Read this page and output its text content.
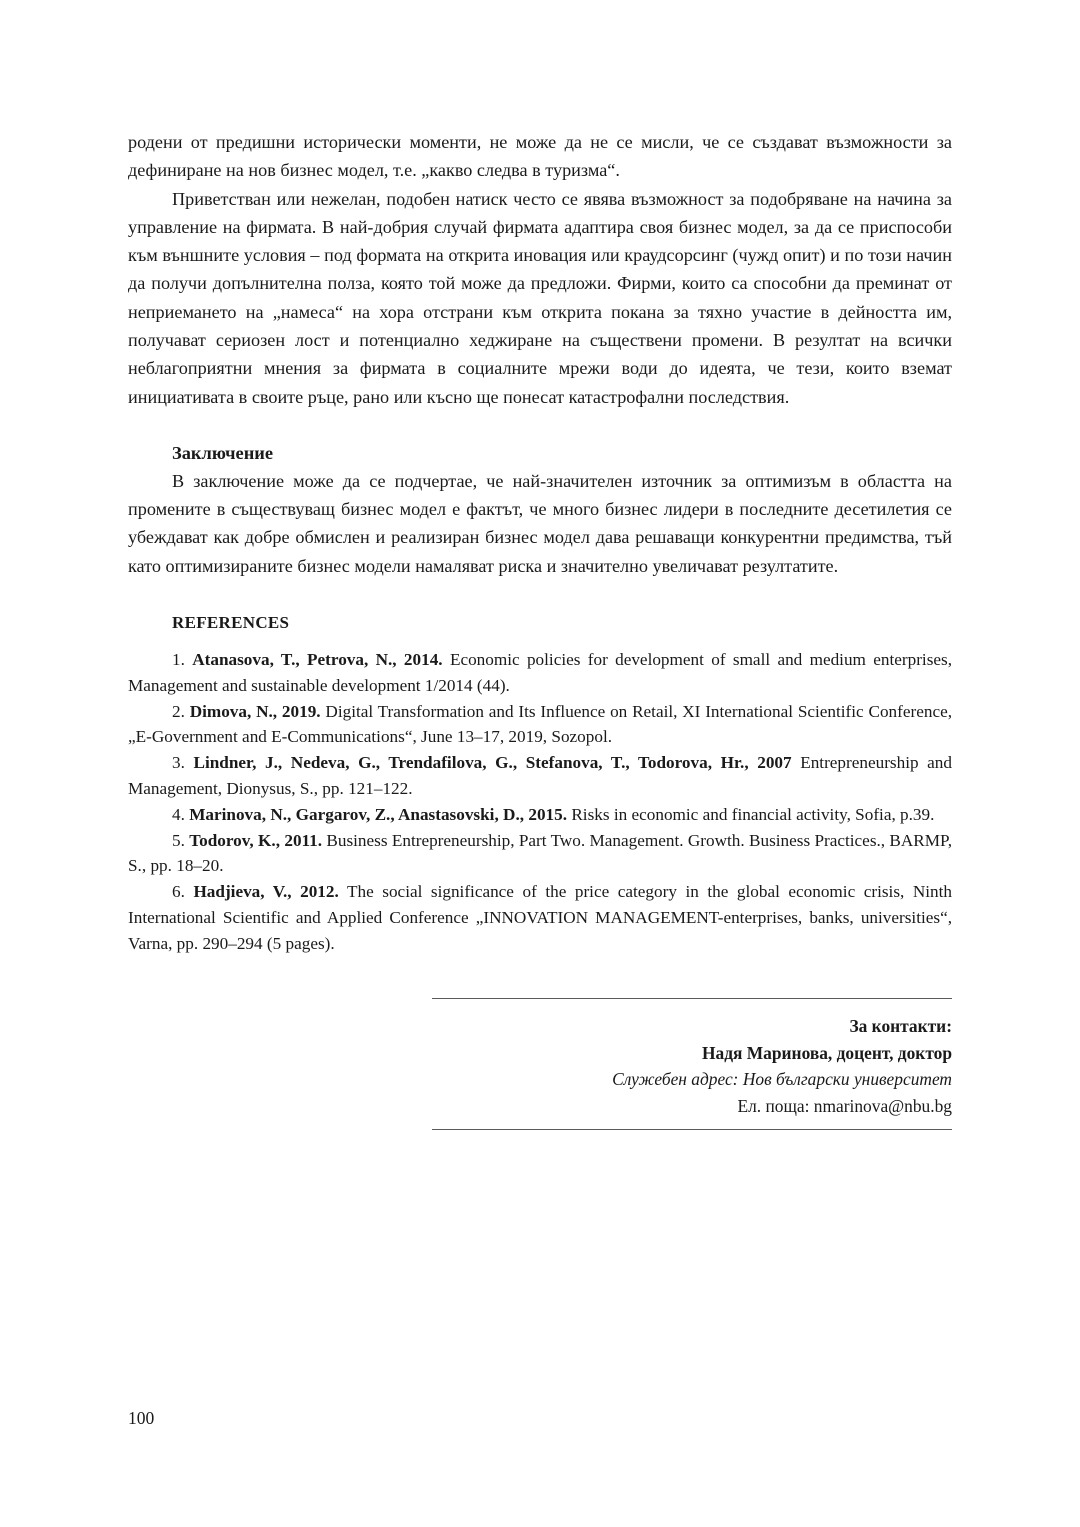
родени от предишни исторически моменти, не може да не се мисли, че се създават възможности за дефиниране на нов бизнес модел, т.е. „какво следва в туризма“.

Приветстван или нежелан, подобен натиск често се явява възможност за подобряване на начина за управление на фирмата. В най-добрия случай фирмата адаптира своя бизнес модел, за да се приспособи към външните условия – под формата на открита иновация или краудсорсинг (чужд опит) и по този начин да получи допълнителна полза, която той може да предложи. Фирми, които са способни да преминат от неприемането на „намеса“ на хора отстрани към открита покана за тяхно участие в дейността им, получават сериозен лост и потенциално хеджиране на съществени промени. В резултат на всички неблагоприятни мнения за фирмата в социалните мрежи води до идеята, че тези, които вземат инициативата в своите ръце, рано или късно ще понесат катастрофални последствия.

Заключение

В заключение може да се подчертае, че най-значителен източник за оптимизъм в областта на промените в съществуващ бизнес модел е фактът, че много бизнес лидери в последните десетилетия се убеждават как добре обмислен и реализиран бизнес модел дава решаващи конкурентни предимства, тъй като оптимизираните бизнес модели намаляват риска и значително увеличават резултатите.

REFERENCES

1. Atanasova, T., Petrova, N., 2014. Economic policies for development of small and medium enterprises, Management and sustainable development 1/2014 (44).

2. Dimova, N., 2019. Digital Transformation and Its Influence on Retail, XI International Scientific Conference, „E-Government and E-Communications“, June 13–17, 2019, Sozopol.

3. Lindner, J., Nedeva, G., Trendafilova, G., Stefanova, T., Todorova, Hr., 2007 Entrepreneurship and Management, Dionysus, S., pp. 121–122.

4. Marinova, N., Gargarov, Z., Anastasovski, D., 2015. Risks in economic and financial activity, Sofia, p.39.

5. Todorov, K., 2011. Business Entrepreneurship, Part Two. Management. Growth. Business Practices., BARMP, S., pp. 18–20.

6. Hadjieva, V., 2012. The social significance of the price category in the global economic crisis, Ninth International Scientific and Applied Conference „INNOVATION MANAGEMENT-enterprises, banks, universities“, Varna, pp. 290–294 (5 pages).

За контакти:
Надя Маринова, доцент, доктор
Служебен адрес: Нов български университет
Ел. поща: nmarinova@nbu.bg
100
